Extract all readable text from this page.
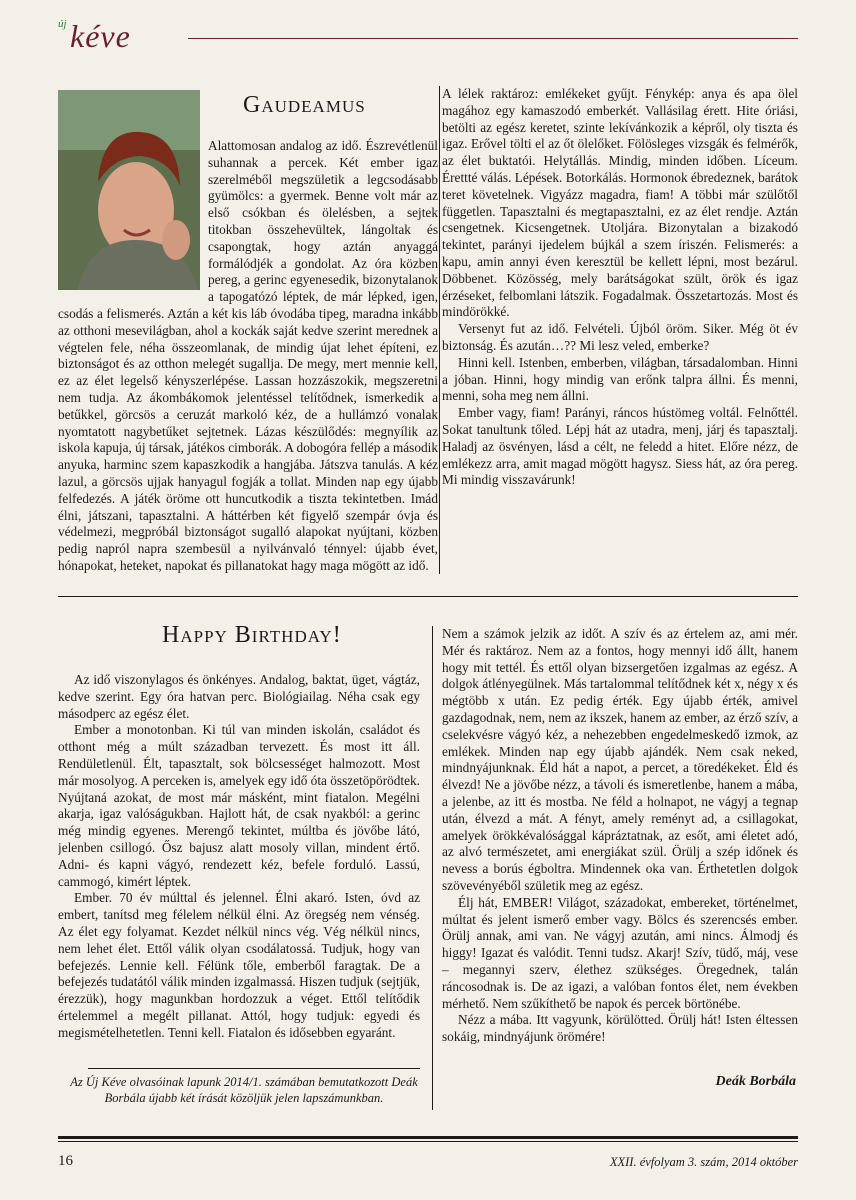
új kéve
Gaudeamus

Alattomosan andalog az idő. Észrevétlenül suhannak a percek. Két ember igaz szerelméből megszületik a legcsodásabb gyümölcs: a gyermek. Benne volt már az első csókban és ölelésben, a sejtek titokban összehevültek, lángoltak és csapongtak, hogy aztán anyaggá formálódjék a gondolat. Az óra közben pereg, a gerinc egyenesedik, bizonytalanok a tapogatózó léptek, de már lépked, igen, csodás a felismerés. Aztán a két kis láb óvodába tipeg, maradna inkább az otthoni mesevilágban, ahol a kockák saját kedve szerint merednek a végtelen fele, néha összeomlanak, de mindig újat lehet építeni, ez biztonságot és az otthon melegét sugallja. De megy, mert mennie kell, ez az élet legelső kényszerlépése. Lassan hozzászokik, megszeretni nem tudja. Az ákombákomok jelentéssel telítődnek, ismerkedik a betűkkel, görcsös a ceruzát markoló kéz, de a hullámzó vonalak nyomtatott nagybetűket sejtetnek. Lázas készülődés: megnyílik az iskola kapuja, új társak, játékos cimborák. A dobogóra fellép a második anyuka, harminc szem kapaszkodik a hangjába. Játszva tanulás. A kéz lazul, a görcsös ujjak hanyagul fogják a tollat. Minden nap egy újabb felfedezés. A játék öröme ott huncutkodik a tiszta tekintetben. Imád élni, játszani, tapasztalni. A háttérben két figyelő szempár óvja és védelmezi, megpróbál biztonságot sugalló alapokat nyújtani, közben pedig napról napra szembesül a nyilvánvaló ténnyel: újabb évet, hónapokat, heteket, napokat és pillanatokat hagy maga mögött az idő.

A lélek raktároz: emlékeket gyűjt. Fénykép: anya és apa ölel magához egy kamaszodó emberkét. Vallásilag érett. Hite óriási, betölti az egész keretet, szinte lekívánkozik a képről, oly tiszta és igaz. Erővel tölti el az őt ölelőket. Fölösleges vizsgák és felmérők, az élet buktatói. Helytállás. Mindig, minden időben. Líceum. Érettté válás. Lépések. Botorkálás. Hormonok ébredeznek, barátok teret követelnek. Vigyázz magadra, fiam! A többi már szülőtől független. Tapasztalni és megtapasztalni, ez az élet rendje. Aztán csengetnek. Kicsengetnek. Utoljára. Bizonytalan a bizakodó tekintet, parányi ijedelem bújkál a szem íriszén. Felismerés: a kapu, amin annyi éven keresztül be kellett lépni, most bezárul. Döbbenet. Közösség, mely barátságokat szült, örök és igaz érzéseket, felbomlani látszik. Fogadalmak. Összetartozás. Most és mindörökké.

Versenyt fut az idő. Felvételi. Újból öröm. Siker. Még öt év biztonság. És azután…?? Mi lesz veled, emberke?

Hinni kell. Istenben, emberben, világban, társadalomban. Hinni a jóban. Hinni, hogy mindig van erőnk talpra állni. És menni, menni, soha meg nem állni.

Ember vagy, fiam! Parányi, ráncos hústömeg voltál. Felnőttél. Sokat tanultunk tőled. Lépj hát az utadra, menj, járj és tapasztalj. Haladj az ösvényen, lásd a célt, ne feledd a hitet. Előre nézz, de emlékezz arra, amit magad mögött hagysz. Siess hát, az óra pereg. Mi mindig visszavárunk!

Happy Birthday!

Az idő viszonylagos és önkényes. Andalog, baktat, üget, vágtáz, kedve szerint. Egy óra hatvan perc. Biológiailag. Néha csak egy másodperc az egész élet.

Ember a monotonban. Ki túl van minden iskolán, családot és otthont még a múlt században tervezett. És most itt áll. Rendületlenül. Élt, tapasztalt, sok bölcsességet halmozott. Most már mosolyog. A perceken is, amelyek egy idő óta összetöpörödtek. Nyújtaná azokat, de most már másként, mint fiatalon. Megélni akarja, igaz valóságukban. Hajlott hát, de csak nyakból: a gerinc még mindig egyenes. Merengő tekintet, múltba és jövőbe látó, jelenben csillogó. Ősz bajusz alatt mosoly villan, mindent értő. Adni- és kapni vágyó, rendezett kéz, befele forduló. Lassú, cammogó, kimért léptek.

Ember. 70 év múlttal és jelennel. Élni akaró. Isten, óvd az embert, tanítsd meg félelem nélkül élni. Az öregség nem vénség. Az élet egy folyamat. Kezdet nélkül nincs vég. Vég nélkül nincs, nem lehet élet. Ettől válik olyan csodálatossá. Tudjuk, hogy van befejezés. Lennie kell. Félünk tőle, emberből faragtak. De a befejezés tudatától válik minden izgalmassá. Hiszen tudjuk (sejtjük, érezzük), hogy magunkban hordozzuk a véget. Ettől telítődik értelemmel a megélt pillanat. Attól, hogy tudjuk: egyedi és megismételhetetlen. Tenni kell. Fiatalon és idősebben egyaránt.

Nem a számok jelzik az időt. A szív és az értelem az, ami mér. Mér és raktároz. Nem az a fontos, hogy mennyi idő állt, hanem hogy mit tettél. És ettől olyan bizsergetően izgalmas az egész. A dolgok átlényegülnek. Más tartalommal telítődnek két x, négy x és mégtöbb x után. Ez pedig érték. Egy újabb érték, amivel gazdagodnak, nem, nem az ikszek, hanem az ember, az érző szív, a cselekvésre vágyó kéz, a nehezebben engedelmeskedő izmok, az emlékek. Minden nap egy újabb ajándék. Nem csak neked, mindnyájunknak. Éld hát a napot, a percet, a töredékeket. Éld és élvezd! Ne a jövőbe nézz, a távoli és ismeretlenbe, hanem a mába, a jelenbe, az itt és mostba. Ne féld a holnapot, ne vágyj a tegnap után, élvezd a mát. A fényt, amely reményt ad, a csillagokat, amelyek örökkévalósággal kápráztatnak, az esőt, ami életet adó, az alvó természetet, ami energiákat szül. Örülj a szép időnek és nevess a borús égboltra. Mindennek oka van. Érthetetlen dolgok szövevényéből születik meg az egész.

Élj hát, EMBER! Világot, századokat, embereket, történelmet, múltat és jelent ismerő ember vagy. Bölcs és szerencsés ember. Örülj annak, ami van. Ne vágyj azután, ami nincs. Álmodj és higgy! Igazat és valódit. Tenni tudsz. Akarj! Szív, tüdő, máj, vese – megannyi szerv, élethez szükséges. Öregednek, talán ráncosodnak is. De az igazi, a valóban fontos élet, nem években mérhető. Nem szűkíthető be napok és percek börtönébe.

Nézz a mába. Itt vagyunk, körülötted. Örülj hát! Isten éltessen sokáig, mindnyájunk örömére!

Az Új Kéve olvasóinak lapunk 2014/1. számában bemutatkozott Deák Borbála újabb két írását közöljük jelen lapszámunkban.
Deák Borbála
16	XXII. évfolyam 3. szám, 2014 október
